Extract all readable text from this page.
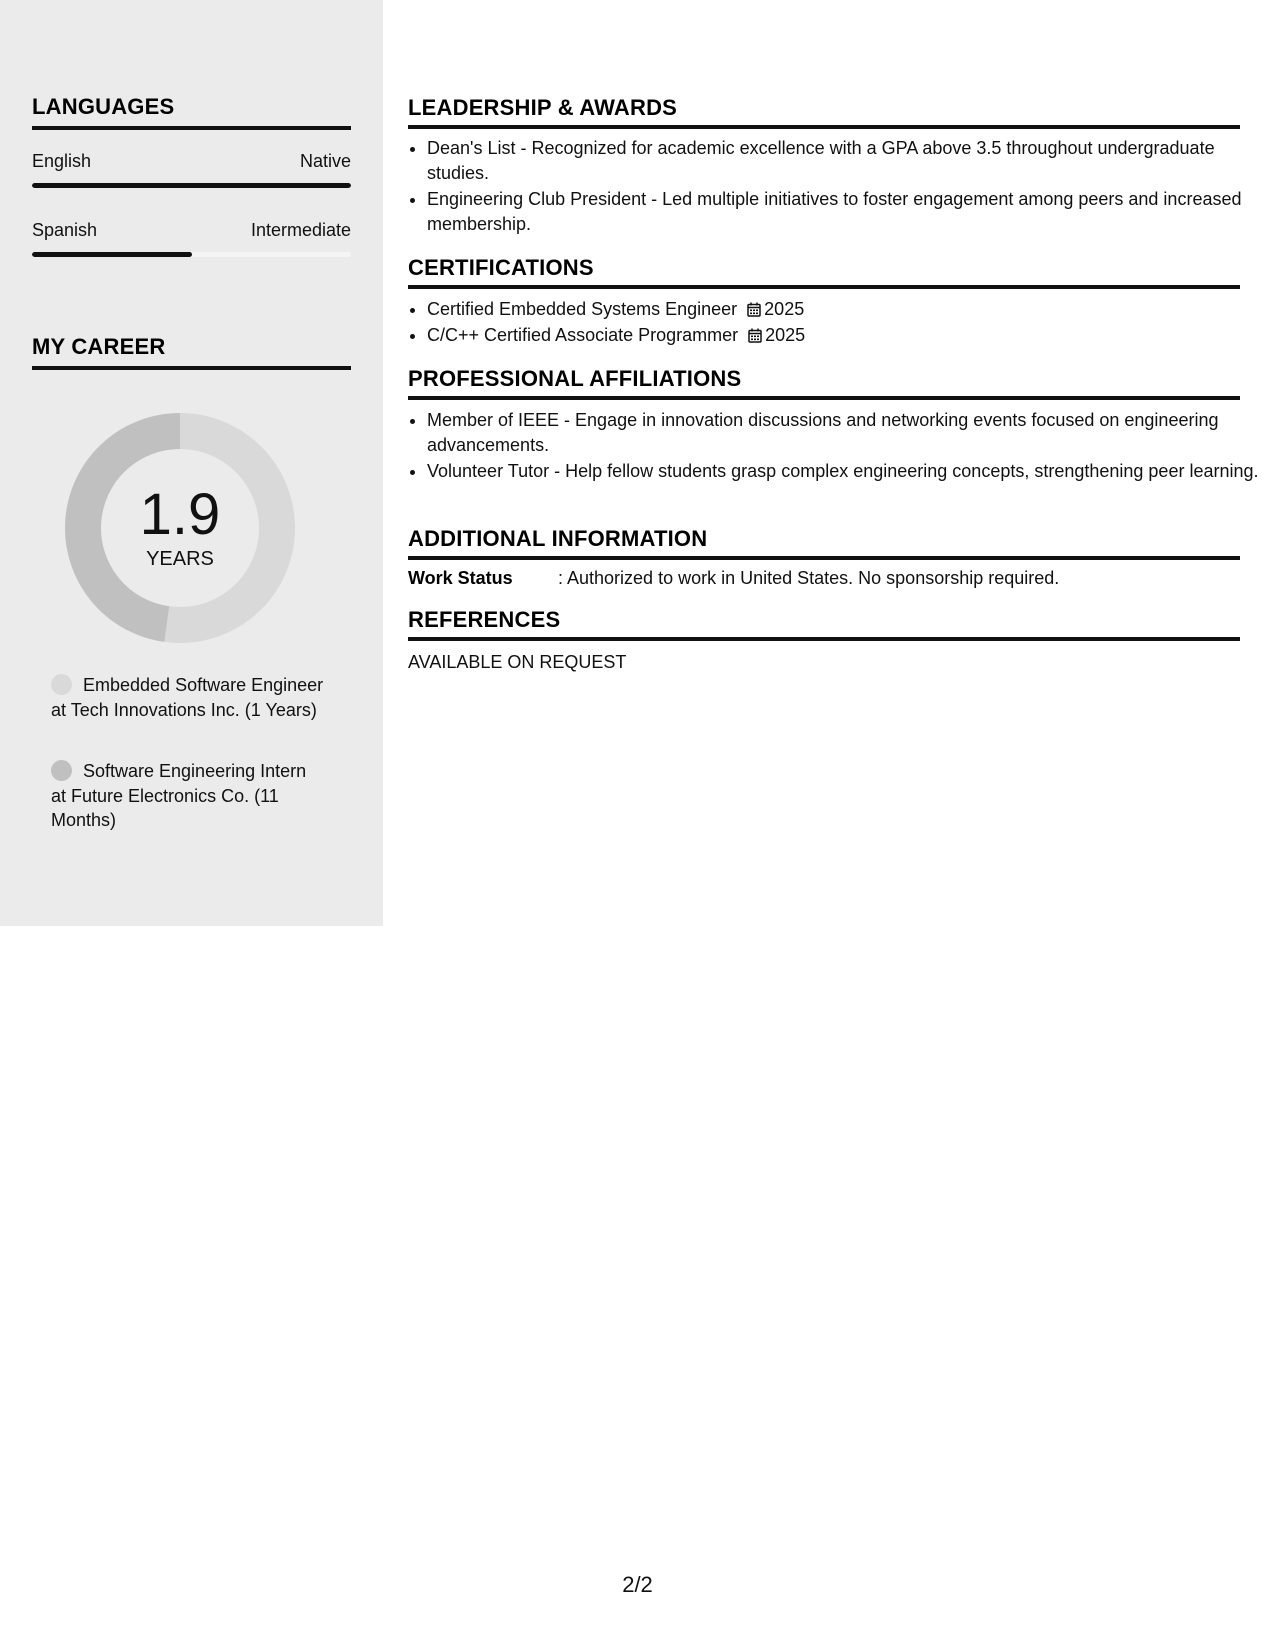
LANGUAGES
English	Native
Spanish	Intermediate
MY CAREER
1.9
YEARS
Embedded Software Engineer at Tech Innovations Inc. (1 Years)
Software Engineering Intern at Future Electronics Co. (11 Months)
LEADERSHIP & AWARDS
• Dean's List - Recognized for academic excellence with a GPA above 3.5 throughout undergraduate studies.
• Engineering Club President - Led multiple initiatives to foster engagement among peers and increased membership.
CERTIFICATIONS
• Certified Embedded Systems Engineer 2025
• C/C++ Certified Associate Programmer 2025
PROFESSIONAL AFFILIATIONS
• Member of IEEE - Engage in innovation discussions and networking events focused on engineering advancements.
• Volunteer Tutor - Help fellow students grasp complex engineering concepts, strengthening peer learning.
ADDITIONAL INFORMATION
Work Status	: Authorized to work in United States. No sponsorship required.
REFERENCES
AVAILABLE ON REQUEST
2/2
